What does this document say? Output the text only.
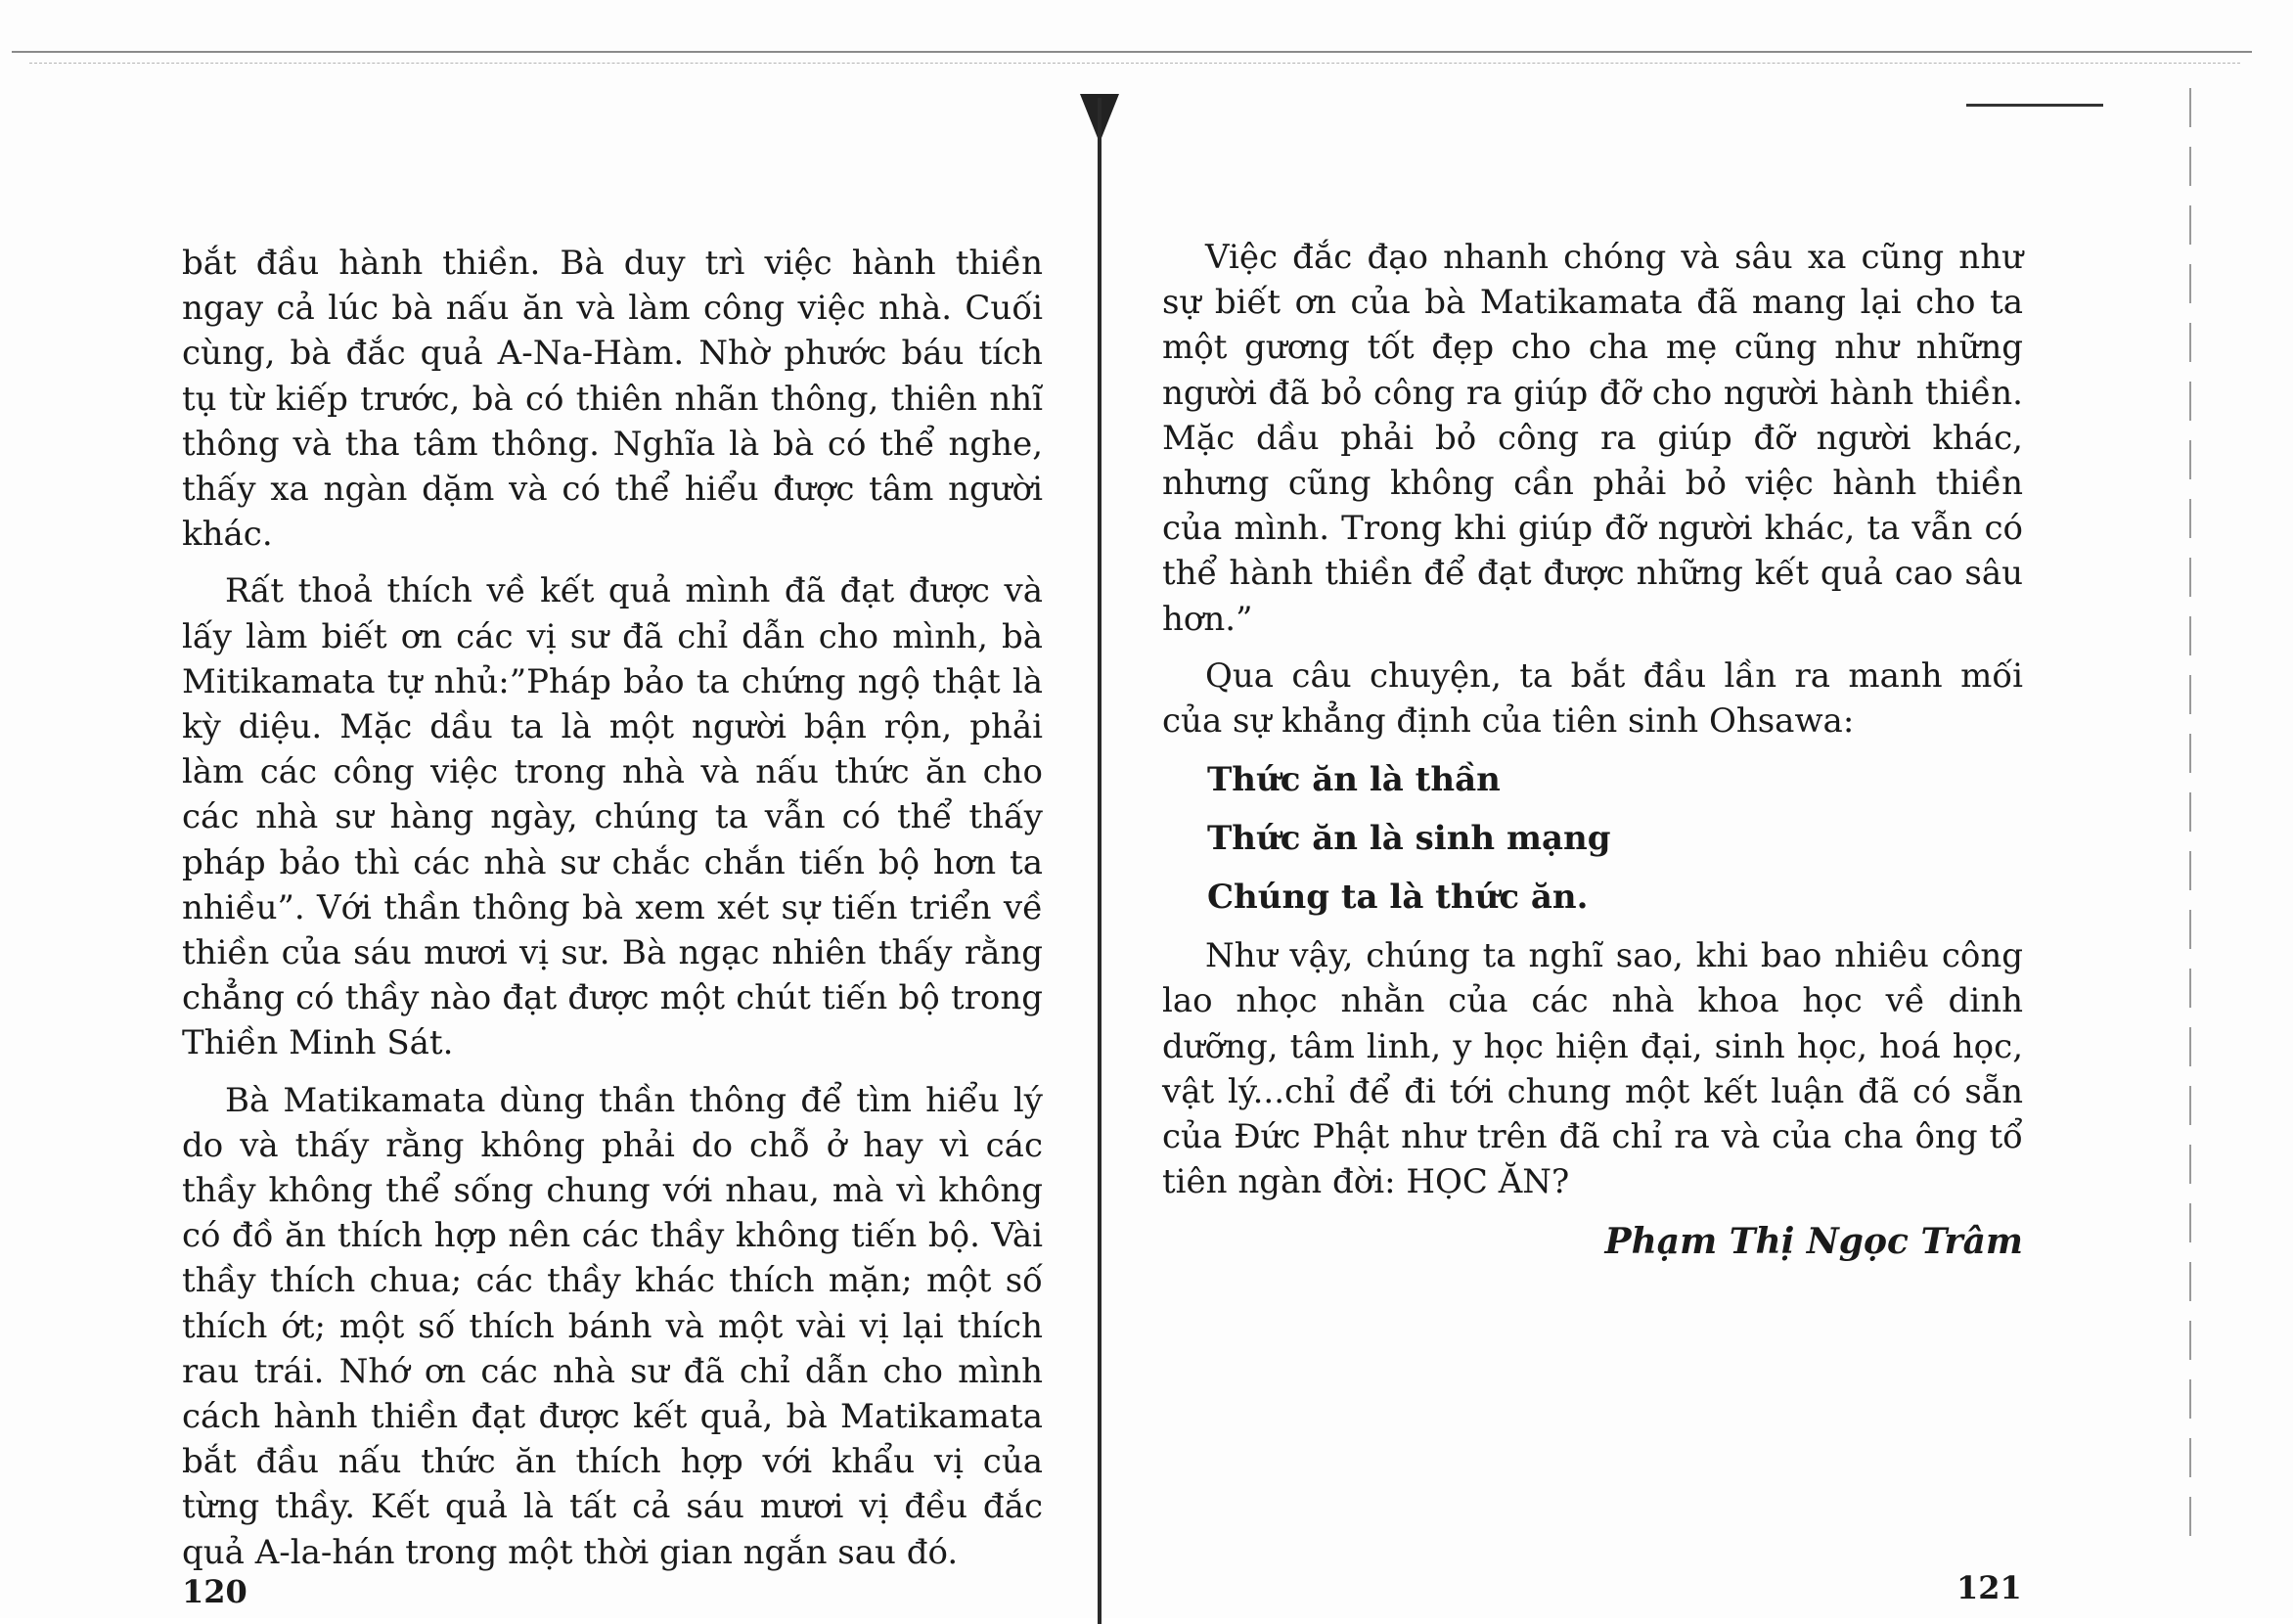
bắt đầu hành thiền. Bà duy trì việc hành thiền ngay cả lúc bà nấu ăn và làm công việc nhà. Cuối cùng, bà đắc quả A-Na-Hàm. Nhờ phước báu tích tụ từ kiếp trước, bà có thiên nhãn thông, thiên nhĩ thông và tha tâm thông. Nghĩa là bà có thể nghe, thấy xa ngàn dặm và có thể hiểu được tâm người khác.

Rất thoả thích về kết quả mình đã đạt được và lấy làm biết ơn các vị sư đã chỉ dẫn cho mình, bà Mitikamata tự nhủ:”Pháp bảo ta chứng ngộ thật là kỳ diệu. Mặc dầu ta là một người bận rộn, phải làm các công việc trong nhà và nấu thức ăn cho các nhà sư hàng ngày, chúng ta vẫn có thể thấy pháp bảo thì các nhà sư chắc chắn tiến bộ hơn ta nhiều”. Với thần thông bà xem xét sự tiến triển về thiền của sáu mươi vị sư. Bà ngạc nhiên thấy rằng chẳng có thầy nào đạt được một chút tiến bộ trong Thiền Minh Sát.

Bà Matikamata dùng thần thông để tìm hiểu lý do và thấy rằng không phải do chỗ ở hay vì các thầy không thể sống chung với nhau, mà vì không có đồ ăn thích hợp nên các thầy không tiến bộ. Vài thầy thích chua; các thầy khác thích mặn; một số thích ớt; một số thích bánh và một vài vị lại thích rau trái. Nhớ ơn các nhà sư đã chỉ dẫn cho mình cách hành thiền đạt được kết quả, bà Matikamata bắt đầu nấu thức ăn thích hợp với khẩu vị của từng thầy. Kết quả là tất cả sáu mươi vị đều đắc quả A-la-hán trong một thời gian ngắn sau đó.

120

Việc đắc đạo nhanh chóng và sâu xa cũng như sự biết ơn của bà Matikamata đã mang lại cho ta một gương tốt đẹp cho cha mẹ cũng như những người đã bỏ công ra giúp đỡ cho người hành thiền. Mặc dầu phải bỏ công ra giúp đỡ người khác, nhưng cũng không cần phải bỏ việc hành thiền của mình. Trong khi giúp đỡ người khác, ta vẫn có thể hành thiền để đạt được những kết quả cao sâu hơn.”

Qua câu chuyện, ta bắt đầu lần ra manh mối của sự khẳng định của tiên sinh Ohsawa:

Thức ăn là thần

Thức ăn là sinh mạng

Chúng ta là thức ăn.

Như vậy, chúng ta nghĩ sao, khi bao nhiêu công lao nhọc nhằn của các nhà khoa học về dinh dưỡng, tâm linh, y học hiện đại, sinh học, hoá học, vật lý...chỉ để đi tới chung một kết luận đã có sẵn của Đức Phật như trên đã chỉ ra và của cha ông tổ tiên ngàn đời: HỌC ĂN?

Phạm Thị Ngọc Trâm

121
